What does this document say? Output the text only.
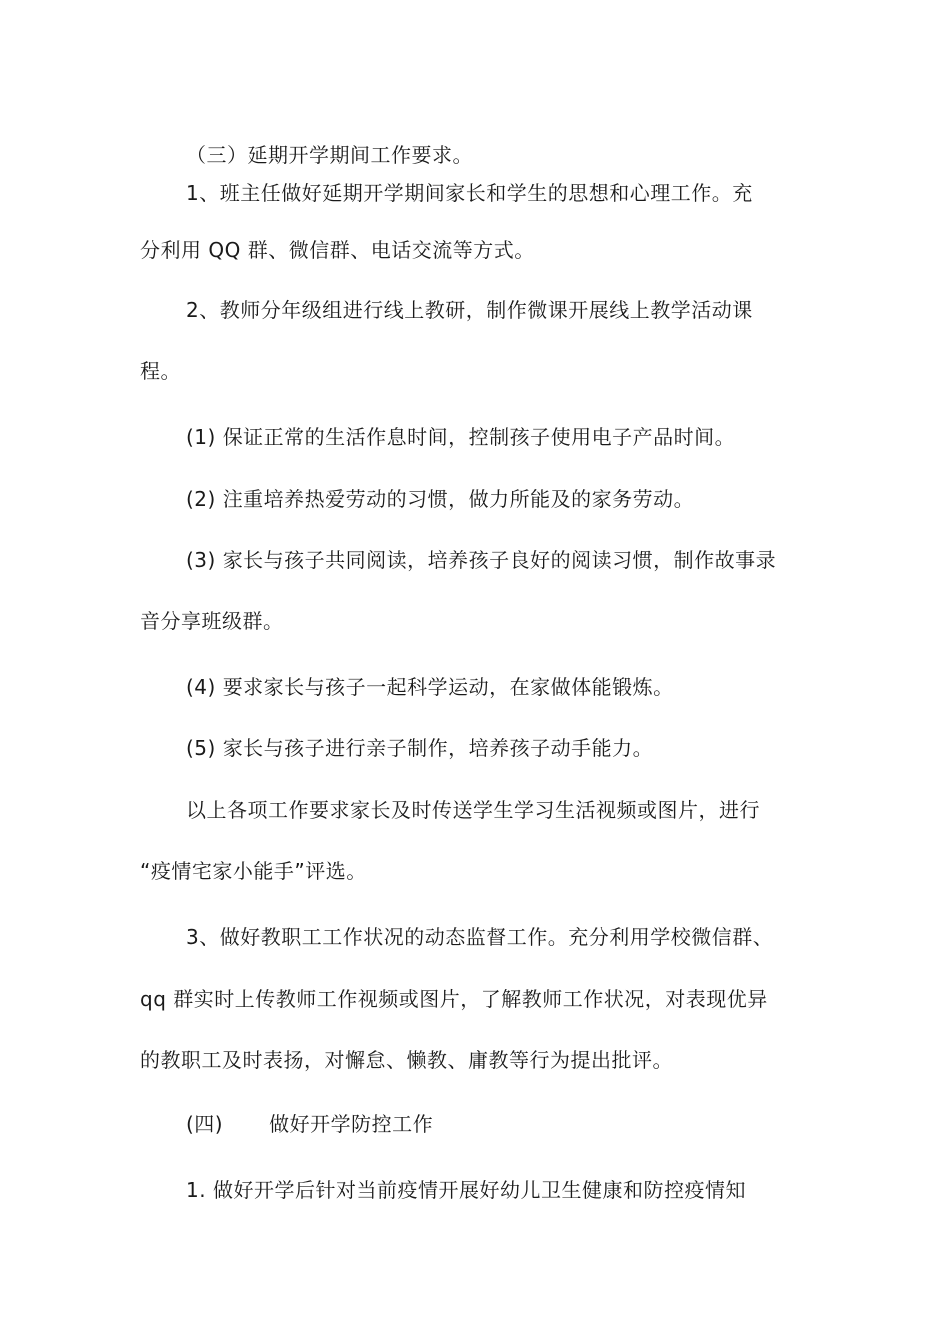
（三）延期开学期间工作要求。
1、班主任做好延期开学期间家长和学生的思想和心理工作。充
分利用 QQ 群、微信群、电话交流等方式。
2、教师分年级组进行线上教研，制作微课开展线上教学活动课
程。
(1) 保证正常的生活作息时间，控制孩子使用电子产品时间。
(2) 注重培养热爱劳动的习惯，做力所能及的家务劳动。
(3) 家长与孩子共同阅读，培养孩子良好的阅读习惯，制作故事录
音分享班级群。
(4) 要求家长与孩子一起科学运动，在家做体能锻炼。
(5) 家长与孩子进行亲子制作，培养孩子动手能力。
以上各项工作要求家长及时传送学生学习生活视频或图片，进行
“疫情宅家小能手”评选。
3、做好教职工工作状况的动态监督工作。充分利用学校微信群、
qq 群实时上传教师工作视频或图片，了解教师工作状况，对表现优异
的教职工及时表扬，对懈怠、懒教、庸教等行为提出批评。
(四) 做好开学防控工作
1. 做好开学后针对当前疫情开展好幼儿卫生健康和防控疫情知
